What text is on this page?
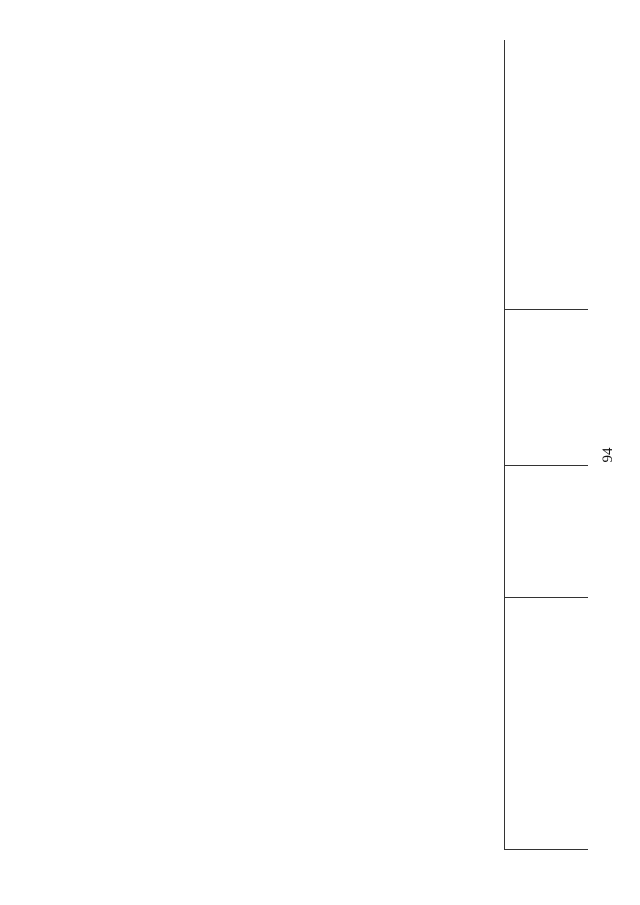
94
